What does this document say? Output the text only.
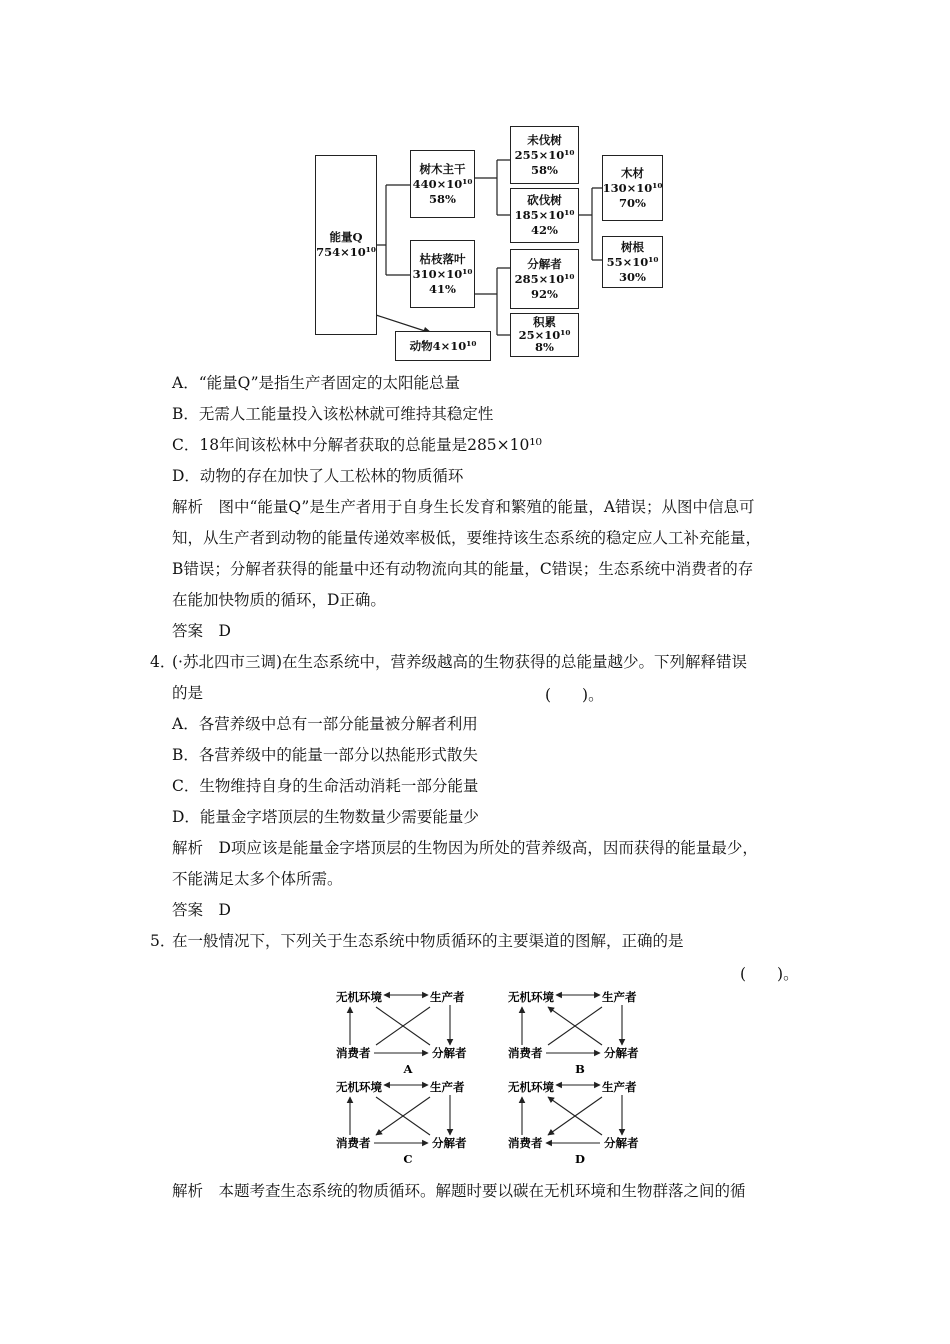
能量Q
754×10¹⁰
树木主干
440×10¹⁰
58%
枯枝落叶
310×10¹⁰
41%
动物4×10¹⁰
未伐树
255×10¹⁰
58%
砍伐树
185×10¹⁰
42%
分解者
285×10¹⁰
92%
积累
25×10¹⁰
8%
木材
130×10¹⁰
70%
树根
55×10¹⁰
30%
A．“能量Q”是指生产者固定的太阳能总量
B．无需人工能量投入该松林就可维持其稳定性
C．18年间该松林中分解者获取的总能量是285×10¹⁰
D．动物的存在加快了人工松林的物质循环
解析　图中“能量Q”是生产者用于自身生长发育和繁殖的能量，A错误；从图中信息可
知，从生产者到动物的能量传递效率极低，要维持该生态系统的稳定应人工补充能量，
B错误；分解者获得的能量中还有动物流向其的能量，C错误；生态系统中消费者的存
在能加快物质的循环，D正确。
答案　D
4．
(·苏北四市三调)在生态系统中，营养级越高的生物获得的总能量越少。下列解释错误
的是	(　　)。
A．各营养级中总有一部分能量被分解者利用
B．各营养级中的能量一部分以热能形式散失
C．生物维持自身的生命活动消耗一部分能量
D．能量金字塔顶层的生物数量少需要能量少
解析　D项应该是能量金字塔顶层的生物因为所处的营养级高，因而获得的能量最少，
不能满足太多个体所需。
答案　D
5．
在一般情况下，下列关于生态系统中物质循环的主要渠道的图解，正确的是
(　　)。
无机环境	生产者
消费者	分解者
A
无机环境	生产者
消费者	分解者
B
无机环境	生产者
消费者	分解者
C
无机环境	生产者
消费者	分解者
D
解析　本题考查生态系统的物质循环。解题时要以碳在无机环境和生物群落之间的循
